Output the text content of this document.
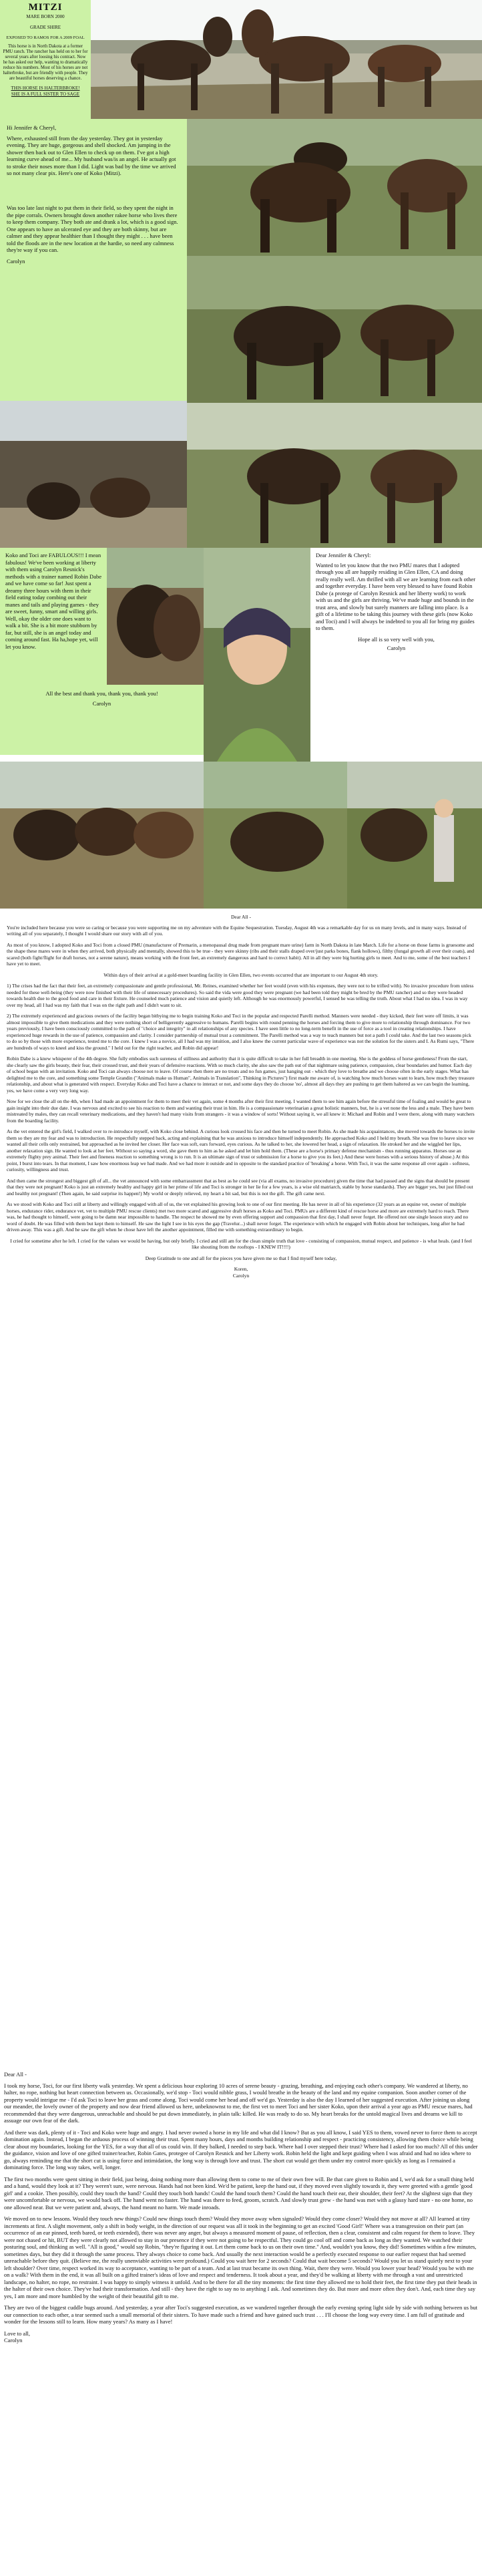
MITZI
MARE BORN 2000
GRADE SHIRE
EXPOSED TO RAMOS FOR A 2009 FOAL
This horse is in North Dakota at a former PMU ranch. The rancher has held on to her for several years after loosing his contract. Now he has asked our help, wanting to dramatically reduce his numbers. Most of his horses are not halterbroke, but are friendly with people. They are beautiful horses deserving a chance.
THIS HORSE IS HALTERBROKE! SHE IS A FULL SISTER TO SAGE
Hi Jennifer & Cheryl,
Where, exhausted still from the day yesterday. They got in yesterday evening. They are huge, gorgeous and shell shocked. Am jumping in the shower then back out to Glen Ellen to check up on them. I've got a high learning curve ahead of me... My husband was/is an angel. He actually got to stroke their noses more than I did. Light was bad by the time we arrived so not many clear pix. Here's one of Koko (Mitzi).
Was too late last night to put them in their field, so they spent the night in the pipe corrals. Owners brought down another rakee horse who lives there to keep them company. They both ate and drank a lot, which is a good sign. One appears to have an ulcerated eye and they are both skinny, but are calmer and they appear healthier than I thought they might . . . have been told the floods are in the new location at the hardie, so need any calmness they're way if you can.
Carolyn
Koko and Toci are FABULOUS!!! I mean fabulous! We've been working at liberty with them using Carolyn Resnick's methods with a trainer named Robin Dabe and we have come so far! Just spent a dreamy three hours with them in their field eating today combing out their manes and tails and playing games - they are sweet, funny, smart and willing girls. Well, okay the older one does want to walk a bit. She is a bit more stubborn by far, but still, she is an angel today and coming around fast. Ha ha,hope yet, will let you know.
All the best and thank you, thank you, thank you!
Carolyn
Dear Jennifer & Cheryl:
Wanted to let you know that the two PMU mares that I adopted through you all are happily residing in Glen Ellen, CA and doing really really well. Am thrilled with all we are learning from each other and together everyday. I have been very blessed to have found Robin Dabe (a protege of Carolyn Resnick and her liberty work) to work with us and the girls are thriving. We've made huge and bounds in the trust area, and slowly but surely manners are falling into place. Is a gift of a lifetime to be taking this journey with these girls (now Koko and Toci) and I will always be indebted to you all for bring my guides to them.
Hope all is so very well with you,
Carolyn
Dear All -

You're included here because you were so caring or because you were supporting me on my adventure with the Equine Sequestration. Tuesday, August 4th was a remarkable day for us on many levels, and in many ways. Instead of writing all of you separately, I thought I would share our story with all of you.

As most of you know, I adopted Koko and Toci from a closed PMU (manufacturer of Premarin, a menopausal drug made from pregnant mare urine) farm in North Dakota in late March. Life for a horse on those farms is gruesome and the shape these mares were in when they arrived, both physically and mentally, showed this to be true - they were skinny (ribs and their stalls draped over/just parks bones, flank hollows), filthy (fungal growth all over their coats), and scared (both fight/flight for draft horses, not a serene nature), means working with the front feet, an extremely dangerous and hard to correct habit). All in all they were big hurting girls to meet. And to me, some of the best teachers I have yet to meet.

Within days of their arrival at a gold-meet boarding facility in Glen Ellen, two events occurred that are important to our August 4th story.

1) The crises had the fact that their feet, an extremely compassionate and gentle professional, Mr. Reines, examined whether her feet would (even with his expenses, they were not to be trifled with). No invasive procedure from unless needed for these well-being (they were now finished with their life of unnecessary procedures). So said the vida were good they were pregnant (we had been told they might be bred by the PMU rancher) and so they were headed towards health due to the good food and care in their fixture. He counseled much patience and vision and quietly left. Although he was enormously powerful, I sensed he was telling the truth. About what I had no idea. I was in way over my head, all I had was my faith that I was on the right path and I didn't want to sit.

2) The extremely experienced and gracious owners of the facility began bitbying me to begin training Koko and Toci in the popular and respected Parelli method. Manners were needed - they kicked, their feet were off limits, it was almost impossible to give them medications and they were nothing short of belligerently aggressive to humans. Parelli begins with round penning the horses and forcing them to give more to relationship through dominance. For two years previously, I have been consciously committed to the path of "choice and integrity" in all relationships of any species. I have seen little to no long-term benefit in the use of force as a tool in creating relationships. I have experienced huge rewards in the use of patience, compassion and clarity. I consider partnership of mutual trust a commitment. The Parelli method was a way to teach manners but not a path I could take. And the last two seasons pick to do so by those with more experience, tested me to the core. I knew I was a novice, all I had was my intuition, and I also knew the current particular wave of experience was not the solution for the sisters and I. As Rumi says, "There are hundreds of ways to kneel and kiss the ground." I held out for the right teacher, and Robin did appear!

Robin Dabe is a knew whisperer of the 4th degree. She fully embodies such sureness of stillness and authority that it is quite difficult to take in her full breadth in one meeting. She is the goddess of horse gentleness! From the start, she clearly saw the girls beauty, their fear, their crossed trust, and their years of defensive reactions. With so much clarity, she also saw the path out of that nightmare using patience, compassion, clear boundaries and humor. Each day of school began with an invitation. Koko and Toci can always choose not to leave. Of course then there are no treats and no fun games, just hanging out - which they love to breathe and we choose often in the early stages. What has delighted me to the core, and something some Temple Grandin ("Animals make us Human", Animals in Translation", Thinking in Pictures") first made me aware of, is watching how much horses want to learn, how much they treasure relationship, and about what is generated with respect. Everyday Koko and Toci have a chance to interact or not, and some days they do choose 'no', almost all days they are pushing to get them haltered as we can begin the learning, yes, we have come a very very long way.

Now for we close the all on the 4th, when I had made an appointment for them to meet their vet again, some 4 months after their first meeting. I wanted them to see him again before the stressful time of foaling and would be great to gain insight into their due date. I was nervous and excited to see his reaction to them and wanting their trust in him. He is a compassionate veterinarian a great holistic manners, but, he is a vet none the less and a male. They have been mistreated by males, they can recall veterinary medications, and they haven't had many visits from strangers - it was a window of sorts! Without saying it, we all knew it: Michael and Robin and I were there, along with many watchers from the boarding facility.

As the vet entered the girl's field, I walked over to re-introduce myself, with Koko close behind. A curious look crossed his face and then he turned to meet Robin. As she made his acquaintances, she moved towards the horses to invite them so they are my fear and was to introduction. He respectfully stepped back, acting and explaining that he was anxious to introduce himself independently. He approached Koko and I held my breath. She was free to leave since we wanted all their cells only restrained, but approached as he invited her closer. Her face was soft, ears forward, eyes curious. As he talked to her, she lowered her head, a sign of relaxation. He stroked her and she wiggled her lips, another relaxation sign. He wanted to look at her feet. Without so saying a word, she gave them to him as he asked and let him hold them. (These are a horse's primary defense mechanism - thus running apparatus. Horses use an extremely flighty prey animal. Their feet and fineness reaction to something wrong is to run. It is an ultimate sign of trust or submission for a horse to give you its feet.) And these were horses with a serious history of abuse.) At this point, I burst into tears. In that moment, I saw how enormous leap we had made. And we had more it outside and in opposite to the standard practice of 'breaking' a horse. With Toci, it was the same response all over again - softness, curiosity, willingness and trust.

And then came the strongest and biggest gift of all... the vet announced with some embarrassment that as best as he could see (via all exams, no invasive procedure) given the time that had passed and the signs that should be present that they were not pregnant! Koko is just an extremely healthy and happy girl in her prime of life and Toci is stronger in her lie for a few years, is a wise old matriarch, stable by horse standards). They are bigger yes, but just filled out and healthy not pregnant! (Then again, he said surprise its happen!) My world or deeply relieved, my heart a bit sad, but this is not the gift. The gift came next.

As we stood with Koko and Toci still at liberty and willingly engaged with all of us, the vet explained his growing look to one of our first meeting. He has never in all of his experience (32 years as an equine vet, owner of multiple horses, endurance rider, endurance vet, vet to multiple PMU rescue clients) met two more scared and aggressive draft horses as Koko and Toci. PMUs are a different kind of rescue horse and more are extremely hard to reach. There was, he had thought to himself, were going to be damn near impossible to handle. The respect he showed me by even offering support and compassion that first day, I shall never forget. He offered not one single lesson story and no word of doubt. He was filled with them but kept them to himself. He saw the light I see in his eyes the gap (Travelur...) shall never forget. The experience with which he engaged with Robin about her techniques, long after he had driven away. This was a gift. And he saw the gift when he chose have left the another appointment, filled me with something extraordinary to begin.

I cried for sometime after he left. I cried for the values we would be having, but only briefly. I cried and still am for the clean simple truth that love - consisting of compassion, mutual respect, and patience - is what heals. (and I feel like shouting from the rooftops - I KNEW IT!!!!)

Deep Gratitude to one and all for the pieces you have given me so that I find myself here today,

Koren,
Carolyn
Dear All -

I took my horse, Toci, for our first liberty walk yesterday. We spent a delicious hour exploring 10 acres of serene beauty - grazing, breathing, and enjoying each other's company. We wandered at liberty, no halter, no rope, nothing but heart connection between us. Occasionally, we'd stop - Toci would nibble grass, I would breathe in the beauty of the land and my equine companion. Soon another corner of the property would intrigue me - I'd ask Toci to leave her grass and come along. Toci would come her head and off we'd go. Yesterday is also the day I learned of her suggested execution. After joining us along our meander, the lovely owner of the property and now dear friend allowed us here, unbeknownst to me, the first vet to meet Toci and her sister Koko, upon their arrival a year ago as PMU rescue mares, had recommended that they were dangerous, unreachable and should be put down immediately, in plain talk: killed. He was ready to do so. My heart breaks for the untold magical lives and dreams we kill to assuage our own fear of the dark.

And there was dark, plenty of it - Toci and Koko were huge and angry. I had never owned a horse in my life and what did I know? But as you all know, I said YES to them, vowed never to force them to accept domination again. Instead, I began the arduous process of winning their trust. Spent many hours, days and months building relationship and respect - practicing consistency, allowing them choice while being clear about my boundaries, looking for the YES, for a way that all of us could win. If they balked, I needed to step back. Where had I over stepped their trust? Where had I asked for too much? All of this under the guidance, vision and love of one gifted trainer/teacher, Robin Gates, protegee of Carolyn Resnick and her Liberty work. Robin held the light and kept guiding when I was afraid and had no idea where to go, always reminding me that the short cut is using force and intimidation, the long way is through love and trust. The short cut would get them under my control more quickly as long as I remained a dominating force. The long way takes, well, longer.

The first two months were spent sitting in their field, just being, doing nothing more than allowing them to come to me of their own free will. Be that care given to Robin and I, we'd ask for a small thing held and a hand, would they look at it? They weren't sure, were nervous. Hands had not been kind. We'd be patient, keep the hand out, if they moved even slightly towards it, they were greeted with a gentle 'good girl' and a cookie. Then possibly, could they touch the hand? Could they touch both hands! Could the hand touch them? Could the hand touch their ear, their shoulder, their feet? At the slightest sign that they were uncomfortable or nervous, we would back off. The hand went no faster. The hand was there to feed, groom, scratch. And slowly trust grew - the hand was met with a glassy hard stare - no one home, no one allowed near. But we were patient and, always, the hand meant no harm. We made inroads.

We moved on to new lessons. Would they touch new things? Could new things touch them? Would they move away when signaled? Would they come closer? Would they not move at all? All learned at tiny increments at first. A slight movement, only a shift in body weight, in the direction of our request was all it took in the beginning to get an excited 'Good Girl!' Where was a transgression on their part (an occurrence of an ear pinned, teeth bared, or teeth extended), there was never any anger, but always a measured moment of pause, of reflection, then a clear, consistent and calm request for them to leave. They were not chased or hit, BUT they were clearly not allowed to stay in our presence if they were not going to be respectful. They could go cool off and come back as long as they wanted. We watched their posturing soul, and thinking as well. "All is good," would say Robin, "they're figuring it out. Let them come back to us on their own time." And, wouldn't you know, they did! Sometimes within a few minutes, sometimes days, but they did it through the same process. They always choice to come back. And usually the next interaction would be a perfectly executed response to our earlier request that had seemed unreachable before they quit. (Believe me, the really unenviable activities were profound.) Could you wait here for 2 seconds? Could that wait become 5 seconds? Would you let us stand quietly next to your left shoulder? Over time, respect worked its way to acceptance, wanting to be part of a team. And at last trust became its own thing. Wait, there they were. Would you lower your head? Would you be with me on a walk? With them in the end, it was all built on a gifted trainer's ideas of love and respect and tenderness. It took about a year, and they'd be walking at liberty with me through a vast and unrestricted landscape, no halter, no rope, no restraint. I was happy to simply witness it unfold. And to be there for all the tiny moments: the first time they allowed me to hold their feet, the first time they put their heads in the halter of their own choice. They've had their transformation. And still - they have the right to say no to anything I ask. And sometimes they do. But more and more often they don't. And, each time they say yes, I am more and more humbled by the weight of their beautiful gift to me.

They are two of the biggest cuddle bugs around. And yesterday, a year after Toci's suggested execution, as we wandered together through the early evening spring light side by side with nothing between us but our connection to each other, a tear seemed such a small memorial of their sisters. To have made such a friend and have gained such trust . . . I'll choose the long way every time. I am full of gratitude and wonder for the lessons still to learn. How many years? As many as I have!

Love to all,
Carolyn
